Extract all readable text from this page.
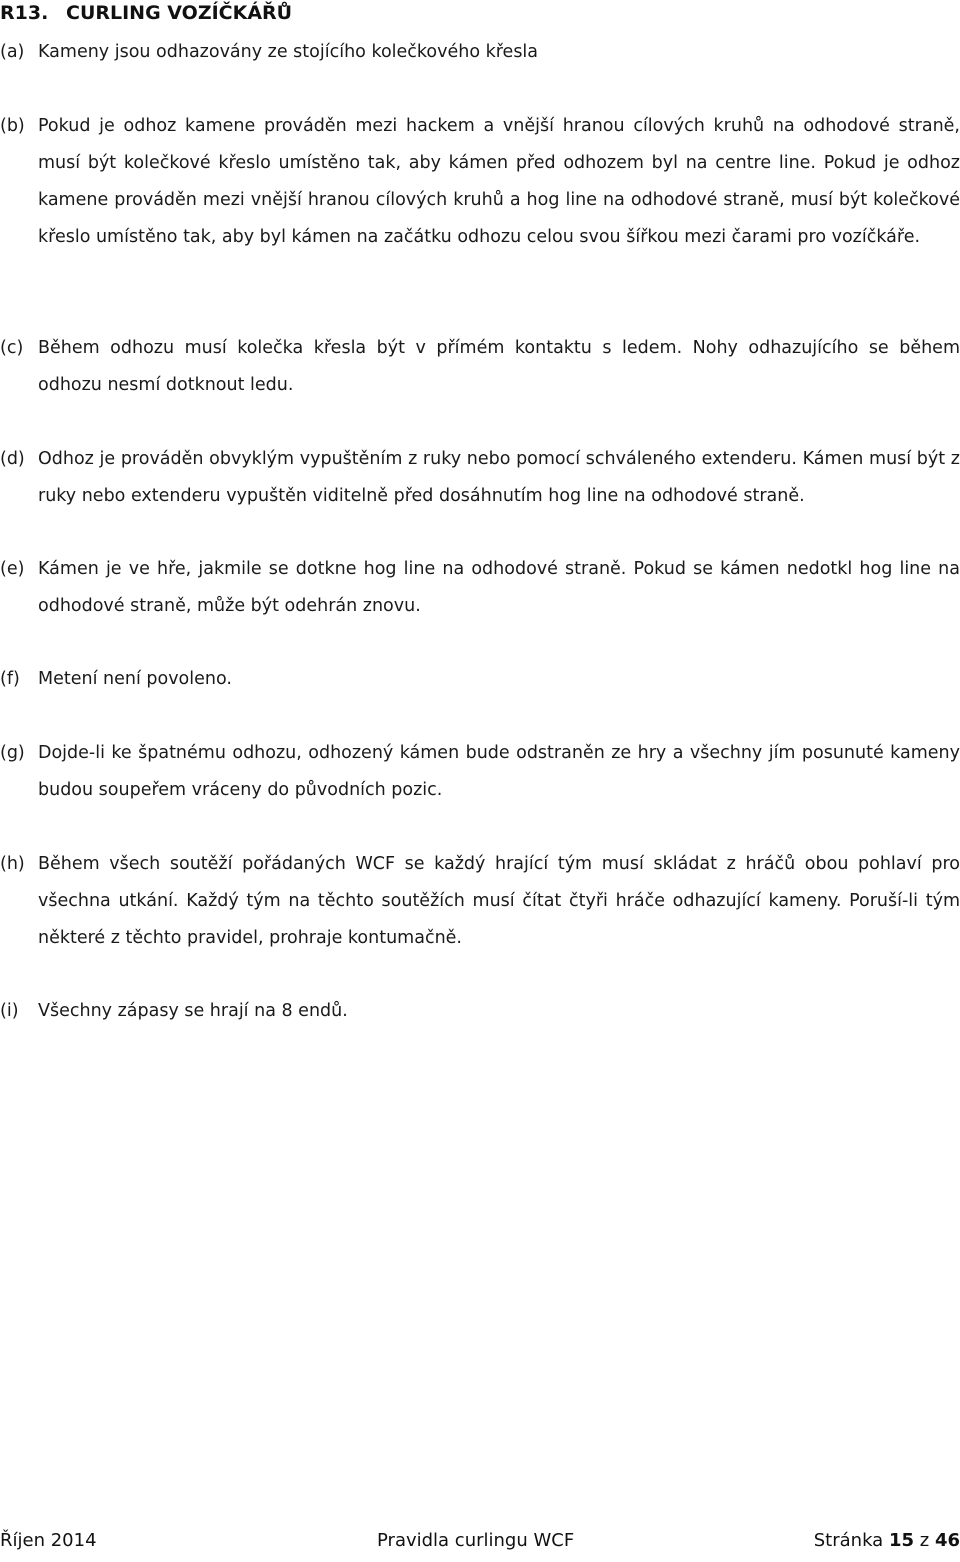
R13. CURLING VOZÍČKÁŘŮ
(a) Kameny jsou odhazovány ze stojícího kolečkového křesla
(b) Pokud je odhoz kamene prováděn mezi hackem a vnější hranou cílových kruhů na odhodové straně, musí být kolečkové křeslo umístěno tak, aby kámen před odhozem byl na centre line. Pokud je odhoz kamene prováděn mezi vnější hranou cílových kruhů a hog line na odhodové straně, musí být kolečkové křeslo umístěno tak, aby byl kámen na začátku odhozu celou svou šířkou mezi čarami pro vozíčkáře.
(c) Během odhozu musí kolečka křesla být v přímém kontaktu s ledem. Nohy odhazujícího se během odhozu nesmí dotknout ledu.
(d) Odhoz je prováděn obvyklým vypuštěním z ruky nebo pomocí schváleného extenderu. Kámen musí být z ruky nebo extenderu vypuštěn viditelně před dosáhnutím hog line na odhodové straně.
(e) Kámen je ve hře, jakmile se dotkne hog line na odhodové straně. Pokud se kámen nedotkl hog line na odhodové straně, může být odehrán znovu.
(f)	Metení není povoleno.
(g) Dojde-li ke špatnému odhozu, odhozený kámen bude odstraněn ze hry a všechny jím posunuté kameny budou soupeřem vráceny do původních pozic.
(h) Během všech soutěží pořádaných WCF se každý hrající tým musí skládat z hráčů obou pohlaví pro všechna utkání. Každý tým na těchto soutěžích musí čítat čtyři hráče odhazující kameny. Poruší-li tým některé z těchto pravidel, prohraje kontumačně.
(i)	Všechny zápasy se hrají na 8 endů.
Říjen 2014	Pravidla curlingu WCF	Stránka 15 z 46
